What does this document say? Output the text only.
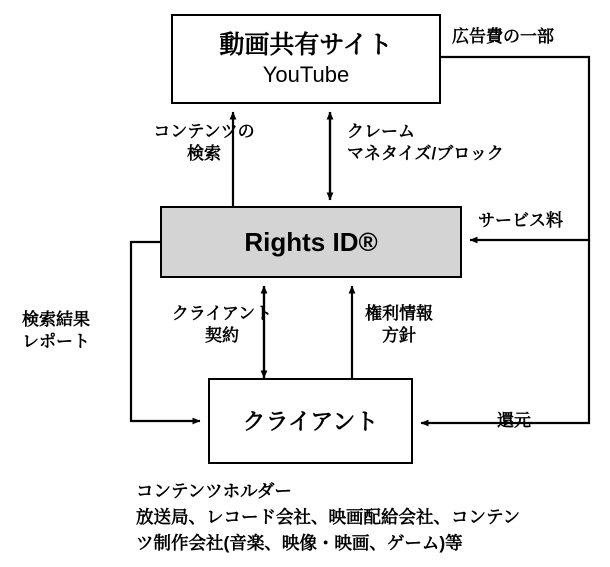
動画共有サイト
YouTube
Rights ID®
クライアント
コンテンツの
検索
クレーム
マネタイズ/ブロック
広告費の一部
サービス料
クライアント
契約
権利情報
方針
検索結果
レポート
還元
コンテンツホルダー
放送局、レコード会社、映画配給会社、コンテン
ツ制作会社(音楽、映像・映画、ゲーム)等
